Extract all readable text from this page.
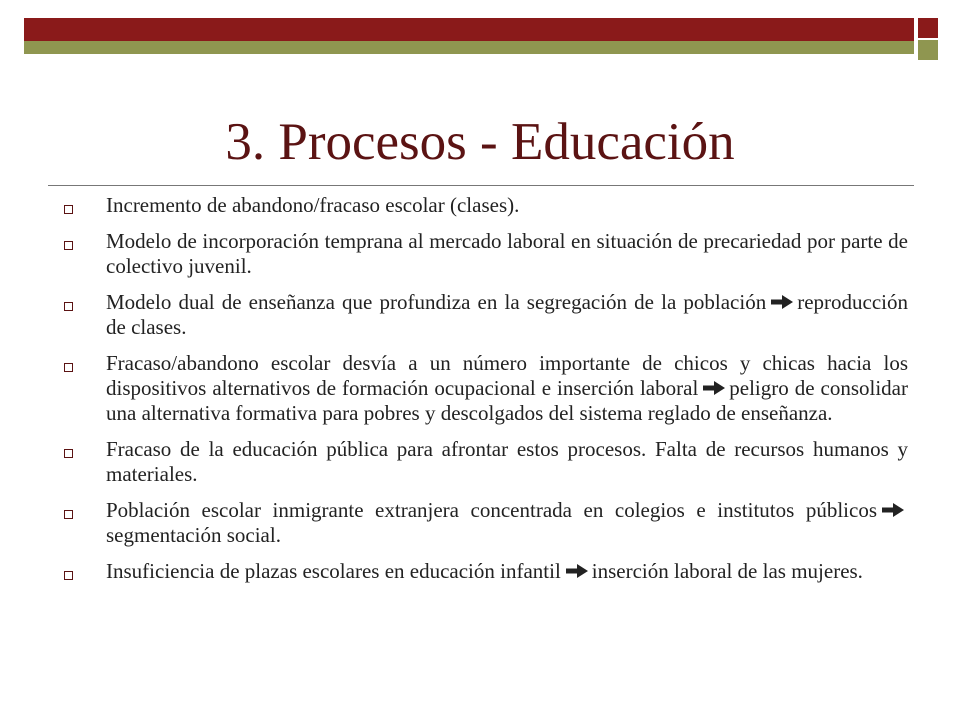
3. Procesos - Educación
Incremento de abandono/fracaso escolar (clases).
Modelo de incorporación temprana al mercado laboral en situación de precariedad por parte de colectivo juvenil.
Modelo dual de enseñanza que profundiza en la segregación de la población reproducción de clases.
Fracaso/abandono escolar desvía a un número importante de chicos y chicas hacia los dispositivos alternativos de formación ocupacional e inserción laboral peligro de consolidar una alternativa formativa para pobres y descolgados del sistema reglado de enseñanza.
Fracaso de la educación pública para afrontar estos procesos. Falta de recursos humanos y materiales.
Población escolar inmigrante extranjera concentrada en colegios e institutos públicossegmentación social.
Insuficiencia de plazas escolares en educación infantil inserción laboral de las mujeres.
